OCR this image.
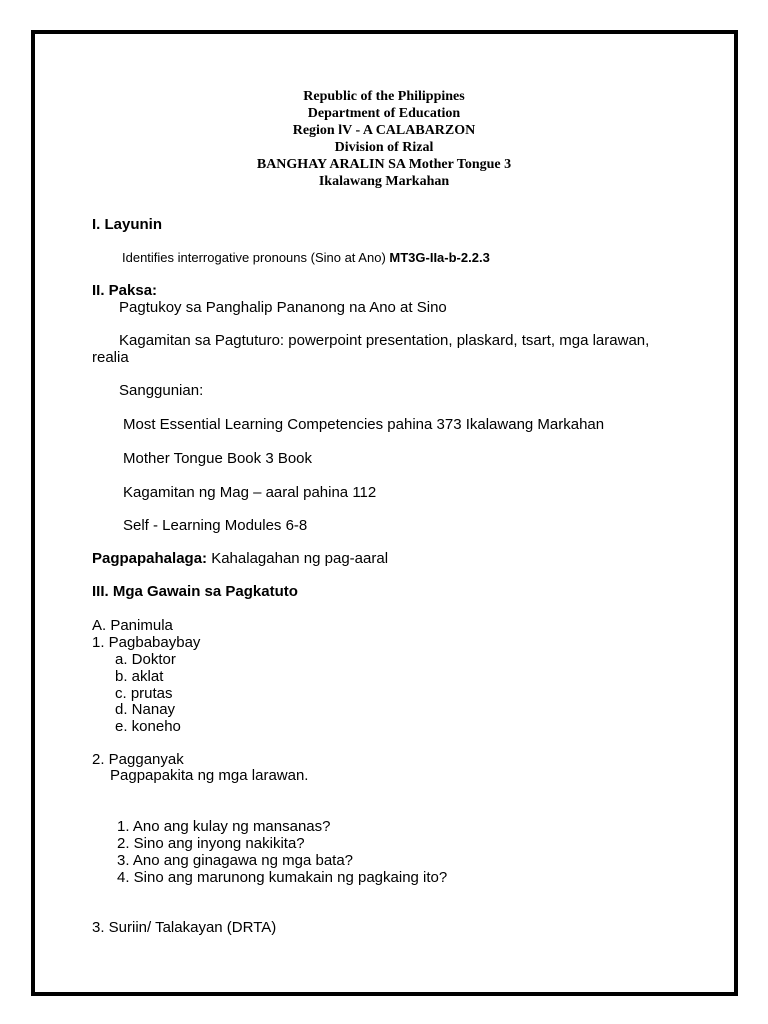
Republic of the Philippines
Department of Education
Region lV - A CALABARZON
Division of Rizal
BANGHAY ARALIN SA Mother Tongue 3
Ikalawang Markahan
I. Layunin
Identifies interrogative pronouns (Sino at Ano) MT3G-IIa-b-2.2.3
II. Paksa:
Pagtukoy sa Panghalip Pananong na Ano at Sino
Kagamitan sa Pagtuturo: powerpoint presentation, plaskard, tsart, mga larawan,
realia
Sanggunian:
Most Essential Learning Competencies pahina 373 Ikalawang Markahan
Mother Tongue Book 3 Book
Kagamitan ng Mag – aaral pahina 112
Self - Learning Modules 6-8
Pagpapahalaga: Kahalagahan ng pag-aaral
III. Mga Gawain sa Pagkatuto
A. Panimula
1. Pagbabaybay
a. Doktor
b. aklat
c. prutas
d. Nanay
e. koneho
2. Pagganyak
Pagpapakita ng mga larawan.
1. Ano ang kulay ng mansanas?
2. Sino ang inyong nakikita?
3. Ano ang ginagawa ng mga bata?
4. Sino ang marunong kumakain ng pagkaing ito?
3. Suriin/ Talakayan (DRTA)
